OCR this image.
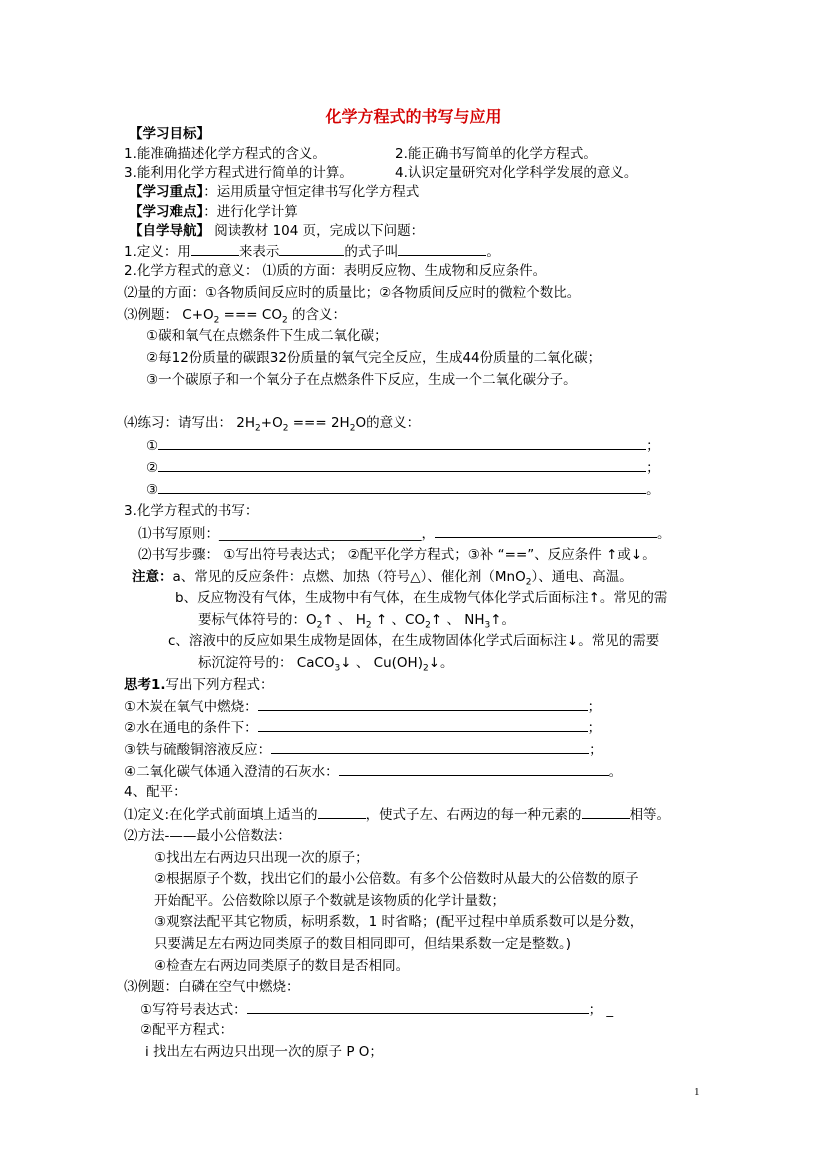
化学方程式的书写与应用
【学习目标】
1.能准确描述化学方程式的含义。	2.能正确书写简单的化学方程式。
3.能利用化学方程式进行简单的计算。	4.认识定量研究对化学科学发展的意义。
【学习重点】：运用质量守恒定律书写化学方程式
【学习难点】：进行化学计算
【自学导航】 阅读教材 104 页，完成以下问题：
1.定义：用	来表示	的式子叫	。
2.化学方程式的意义： ⑴质的方面：表明反应物、生成物和反应条件。
⑵量的方面：①各物质间反应时的质量比；②各物质间反应时的微粒个数比。
⑶例题： $C+O_2$ === $CO_2$ 的含义：
①碳和氧气在点燃条件下生成二氧化碳；
②每12份质量的碳跟32份质量的氧气完全反应，生成44份质量的二氧化碳；
③一个碳原子和一个氧分子在点燃条件下反应，生成一个二氧化碳分子。
⑷练习：请写出： $2H_2+O_2$ === $2H_2O$的意义：
①	；
②	；
③	。
3.化学方程式的书写：
⑴书写原则：______________________________，	。
⑵书写步骤： ①写出符号表达式； ②配平化学方程式；③补 “==”、反应条件 ↑或↓。
注意：a、常见的反应条件：点燃、加热（符号△）、催化剂（MnO$_2$）、通电、高温。
b、反应物没有气体，生成物中有气体，在生成物气体化学式后面标注↑。常见的需
要标气体符号的：$O_2↑$ 、 $H_2$ ↑ 、$CO_2↑$ 、 $NH_3↑$。
c、溶液中的反应如果生成物是固体，在生成物固体化学式后面标注↓。常见的需要
标沉淀符号的： CaCO$_3$↓ 、 $Cu(OH)_2↓$。
思考1.写出下列方程式：
①木炭在氧气中燃烧：	；
②水在通电的条件下：	；
③铁与硫酸铜溶液反应：	；
④二氧化碳气体通入澄清的石灰水：	。
4、配平：
⑴定义:在化学式前面填上适当的	，使式子左、右两边的每一种元素的	相等。
⑵方法-——最小公倍数法：
①找出左右两边只出现一次的原子；
②根据原子个数，找出它们的最小公倍数。有多个公倍数时从最大的公倍数的原子
开始配平。公倍数除以原子个数就是该物质的化学计量数；
③观察法配平其它物质，标明系数，1 时省略；(配平过程中单质系数可以是分数，
只要满足左右两边同类原子的数目相同即可，但结果系数一定是整数。)
④检查左右两边同类原子的数目是否相同。
⑶例题：白磷在空气中燃烧：
①写符号表达式：	； _
②配平方程式：
ⅰ 找出左右两边只出现一次的原子 P O；
1
